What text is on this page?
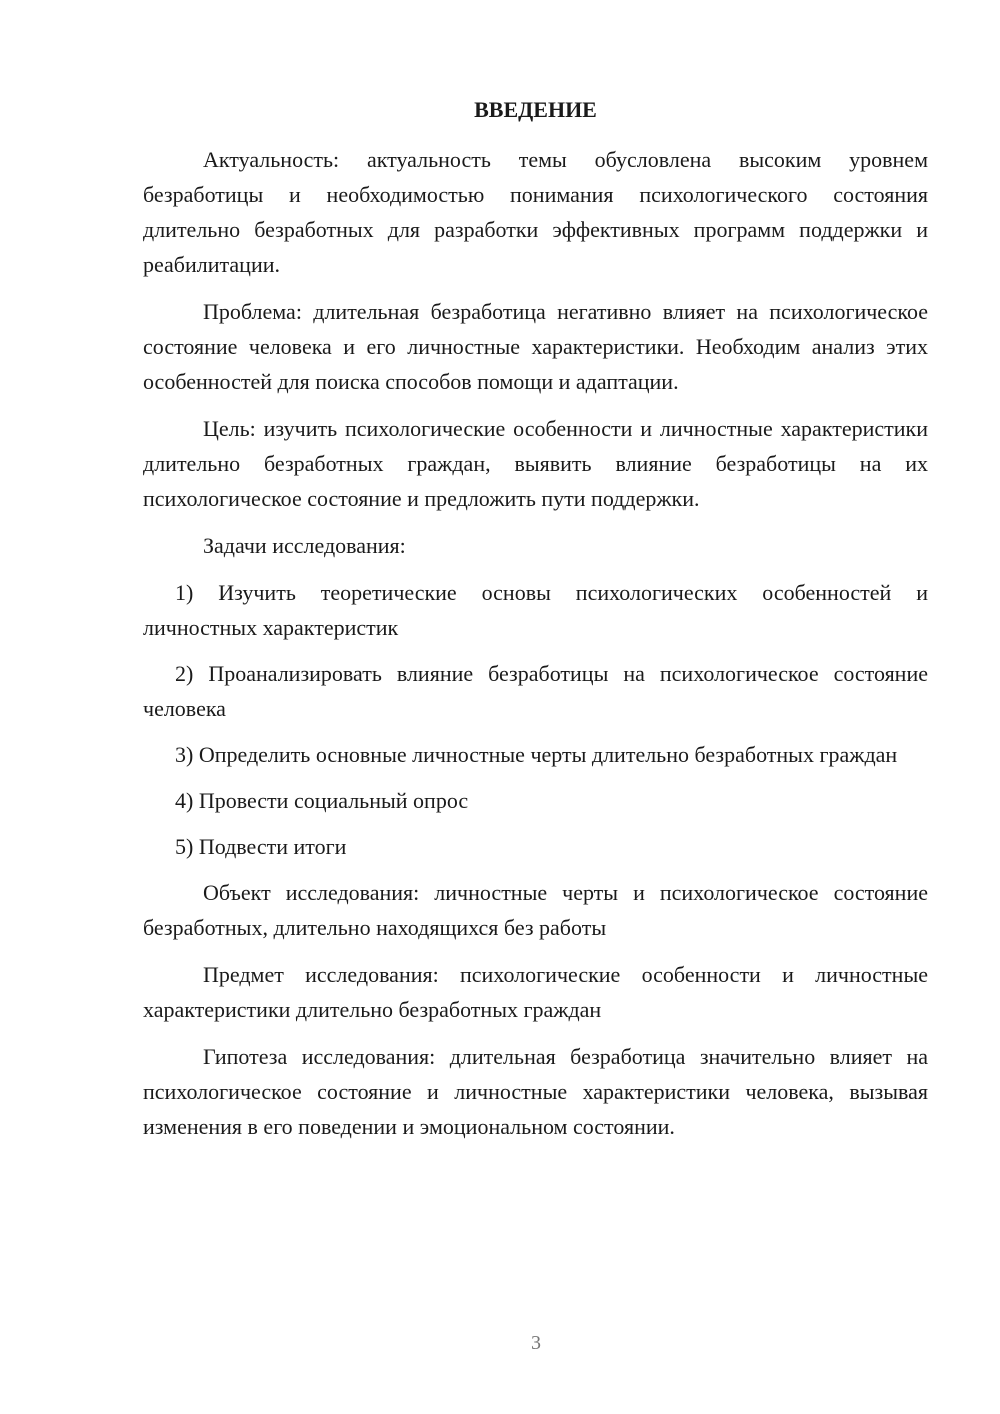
ВВЕДЕНИЕ

Актуальность: актуальность темы обусловлена высоким уровнем безработицы и необходимостью понимания психологического состояния длительно безработных для разработки эффективных программ поддержки и реабилитации.

Проблема: длительная безработица негативно влияет на психологическое состояние человека и его личностные характеристики. Необходим анализ этих особенностей для поиска способов помощи и адаптации.

Цель: изучить психологические особенности и личностные характеристики длительно безработных граждан, выявить влияние безработицы на их психологическое состояние и предложить пути поддержки.

Задачи исследования:

1) Изучить теоретические основы психологических особенностей и личностных характеристик

2) Проанализировать влияние безработицы на психологическое состояние человека

3) Определить основные личностные черты длительно безработных граждан

4) Провести социальный опрос

5) Подвести итоги

Объект исследования: личностные черты и психологическое состояние безработных, длительно находящихся без работы

Предмет исследования: психологические особенности и личностные характеристики длительно безработных граждан

Гипотеза исследования: длительная безработица значительно влияет на психологическое состояние и личностные характеристики человека, вызывая изменения в его поведении и эмоциональном состоянии.

3
